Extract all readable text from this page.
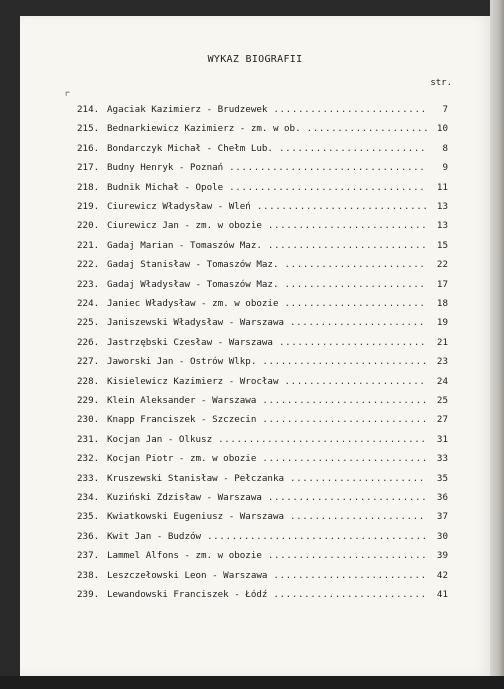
WYKAZ BIOGRAFII
str.
⌜
214. Agaciak Kazimierz - Brudzewek .........................	7
215. Bednarkiewicz Kazimierz - zm. w ob. .................... 10
216. Bondarczyk Michał - Chełm Lub. ........................	8
217. Budny Henryk - Poznań ................................	9
218. Budnik Michał - Opole ................................	11
219. Ciurewicz Władysław - Wleń ............................ 13
220. Ciurewicz Jan - zm. w obozie ..........................	13
221. Gadaj Marian - Tomaszów Maz. ..........................	15
222. Gadaj Stanisław - Tomaszów Maz. .......................	22
223. Gadaj Władysław - Tomaszów Maz. .......................	17
224. Janiec Władysław - zm. w obozie .......................	18
225. Janiszewski Władysław - Warszawa ......................	19
226. Jastrzębski Czesław - Warszawa ........................	21
227. Jaworski Jan - Ostrów Wlkp. ........................... 23
228. Kisielewicz Kazimierz - Wrocław .......................	24
229. Klein Aleksander - Warszawa ........................... 25
230. Knapp Franciszek - Szczecin ........................... 27
231. Kocjan Jan - Olkusz ..................................	31
232. Kocjan Piotr - zm. w obozie ........................... 33
233. Kruszewski Stanisław - Pełczanka ......................	35
234. Kuziński Zdzisław - Warszawa ..........................	36
235. Kwiatkowski Eugeniusz - Warszawa ......................	37
236. Kwit Jan - Budzów .................................... 30
237. Lammel Alfons - zm. w obozie ..........................	39
238. Leszczełowski Leon - Warszawa .........................	42
239. Lewandowski Franciszek - Łódź .........................	41
